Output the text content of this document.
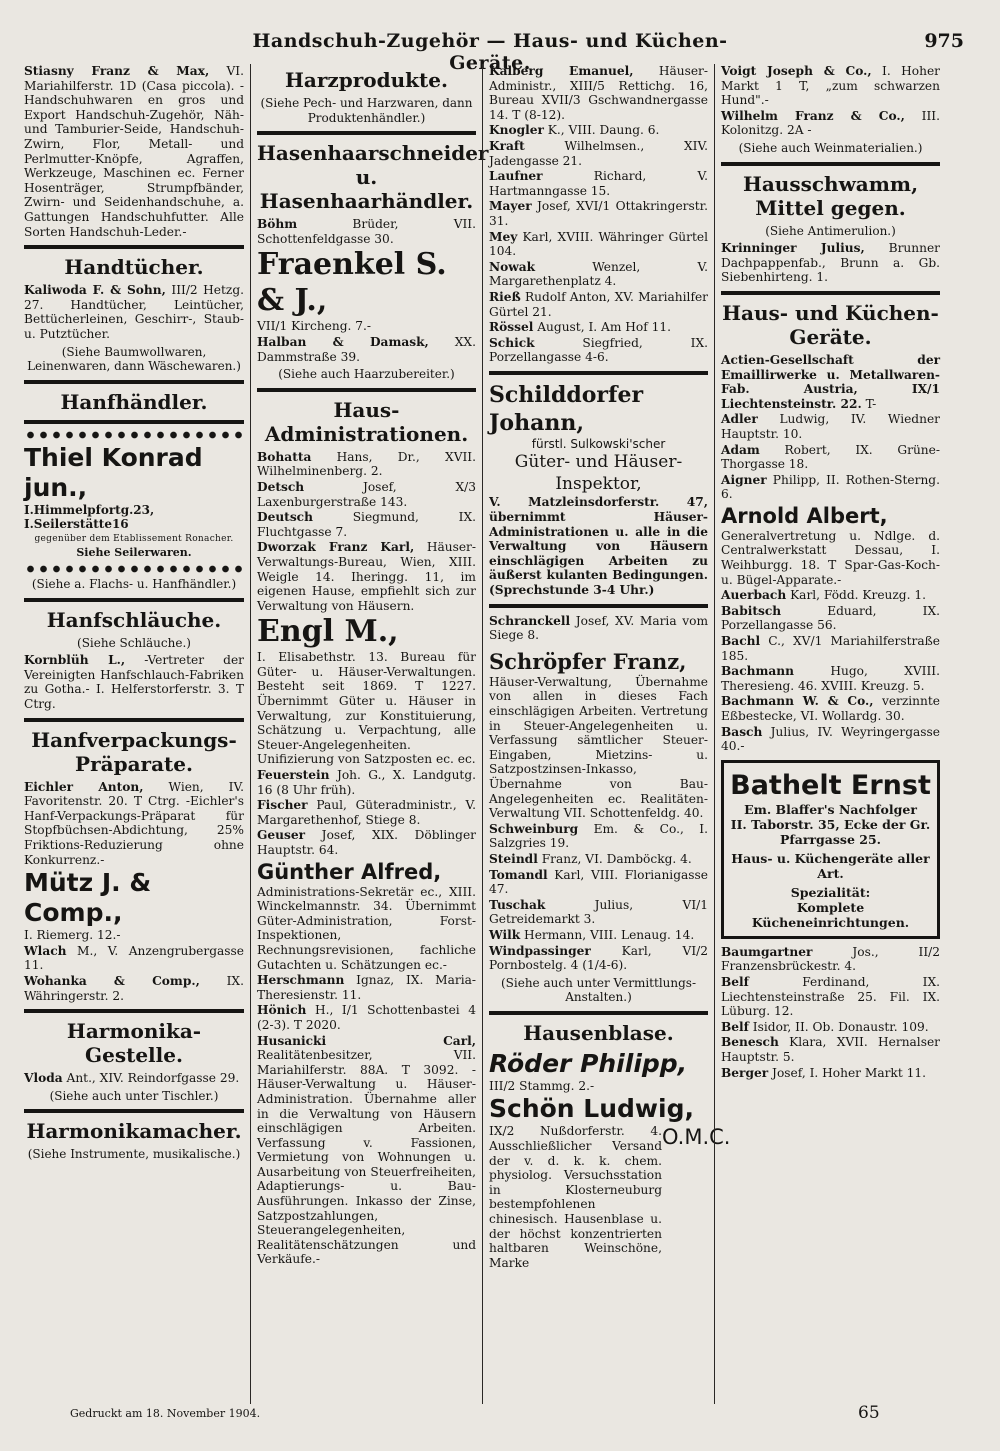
Handschuh-Zugehör — Haus- und Küchen-Geräte.
975

Stiasny Franz & Max, VI. Mariahilferstr. 1D (Casa piccola). -Handschuhwaren en gros und Export Handschuh-Zugehör, Näh- und Tamburier-Seide, Handschuh-Zwirn, Flor, Metall- und Perlmutter-Knöpfe, Agraffen, Werkzeuge, Maschinen ec. Ferner Hosenträger, Strumpfbänder, Zwirn- und Seidenhandschuhe, a. Gattungen Handschuhfutter. Alle Sorten Handschuh-Leder.-

Handtücher.

Kaliwoda F. & Sohn, III/2 Hetzg. 27. Handtücher, Leintücher, Bettücherleinen, Geschirr-, Staub- u. Putztücher.

(Siehe Baumwollwaren, Leinenwaren, dann Wäschewaren.)
Hanfhändler.
Thiel Konrad jun.,
I.Himmelpfortg.23, I.Seilerstätte16
gegenüber dem Etablissement Ronacher.
Siehe Seilerwaren.
(Siehe a. Flachs- u. Hanfhändler.)
Hanfschläuche.
(Siehe Schläuche.)

Kornblüh L., -Vertreter der Vereinigten Hanfschlauch-Fabriken zu Gotha.- I. Helferstorferstr. 3. T Ctrg.

Hanfverpackungs-Präparate.

Eichler Anton, Wien, IV. Favoritenstr. 20. T Ctrg. -Eichler's Hanf-Verpackungs-Präparat für Stopfbüchsen-Abdichtung, 25% Friktions-Reduzierung ohne Konkurrenz.-

Mütz J. & Comp.,

I. Riemerg. 12.-

Wlach M., V. Anzengrubergasse 11.

Wohanka & Comp., IX. Währingerstr. 2.

Harmonika-Gestelle.

Vloda Ant., XIV. Reindorfgasse 29.

(Siehe auch unter Tischler.)
Harmonikamacher.
(Siehe Instrumente, musikalische.)
Harzprodukte.
(Siehe Pech- und Harzwaren, dann Produktenhändler.)
Hasenhaarschneider u. Hasenhaarhändler.

Böhm Brüder, VII. Schottenfeldgasse 30.

Fraenkel S. & J.,

VII/1 Kircheng. 7.-

Halban & Damask, XX. Dammstraße 39.

(Siehe auch Haarzubereiter.)
Haus-Administrationen.

Bohatta Hans, Dr., XVII. Wilhelminenberg. 2.

Detsch Josef, X/3 Laxenburgerstraße 143.

Deutsch Siegmund, IX. Fluchtgasse 7.

Dworzak Franz Karl, Häuser-Verwaltungs-Bureau, Wien, XIII. Weigle 14. Iheringg. 11, im eigenen Hause, empfiehlt sich zur Verwaltung von Häusern.

Engl M.,

I. Elisabethstr. 13. Bureau für Güter- u. Häuser-Verwaltungen. Besteht seit 1869. T 1227. Übernimmt Güter u. Häuser in Verwaltung, zur Konstituierung, Schätzung u. Verpachtung, alle Steuer-Angelegenheiten. Unifizierung von Satzposten ec. ec.

Feuerstein Joh. G., X. Landgutg. 16 (8 Uhr früh).

Fischer Paul, Güteradministr., V. Margarethenhof, Stiege 8.

Geuser Josef, XIX. Döblinger Hauptstr. 64.

Günther Alfred,

Administrations-Sekretär ec., XIII. Winckelmannstr. 34. Übernimmt Güter-Administration, Forst-Inspektionen, Rechnungsrevisionen, fachliche Gutachten u. Schätzungen ec.-

Herschmann Ignaz, IX. Maria-Theresienstr. 11.

Hönich H., I/1 Schottenbastei 4 (2-3). T 2020.

Husanicki Carl, Realitätenbesitzer, VII. Mariahilferstr. 88A. T 3092. -Häuser-Verwaltung u. Häuser-Administration. Übernahme aller in die Verwaltung von Häusern einschlägigen Arbeiten. Verfassung v. Fassionen, Vermietung von Wohnungen u. Ausarbeitung von Steuerfreiheiten, Adaptierungs- u. Bau-Ausführungen. Inkasso der Zinse, Satzpostzahlungen, Steuerangelegenheiten, Realitätenschätzungen und Verkäufe.-

Kalberg Emanuel, Häuser-Administr., XIII/5 Rettichg. 16, Bureau XVII/3 Gschwandnergasse 14. T (8-12).

Knogler K., VIII. Daung. 6.

Kraft Wilhelmsen., XIV. Jadengasse 21.

Laufner Richard, V. Hartmanngasse 15.

Mayer Josef, XVI/1 Ottakringerstr. 31.

Mey Karl, XVIII. Währinger Gürtel 104.

Nowak Wenzel, V. Margarethenplatz 4.

Rieß Rudolf Anton, XV. Mariahilfer Gürtel 21.

Rössel August, I. Am Hof 11.

Schick Siegfried, IX. Porzellangasse 4-6.

Schilddorfer Johann,
fürstl. Sulkowski'scher
Güter- und Häuser-Inspektor,

V. Matzleinsdorferstr. 47, übernimmt Häuser-Administrationen u. alle in die Verwaltung von Häusern einschlägigen Arbeiten zu äußerst kulanten Bedingungen. (Sprechstunde 3-4 Uhr.)

Schranckell Josef, XV. Maria vom Siege 8.

Schröpfer Franz,

Häuser-Verwaltung, Übernahme von allen in dieses Fach einschlägigen Arbeiten. Vertretung in Steuer-Angelegenheiten u. Verfassung sämtlicher Steuer-Eingaben, Mietzins- u. Satzpostzinsen-Inkasso, Übernahme von Bau-Angelegenheiten ec. Realitäten-Verwaltung VII. Schottenfeldg. 40.

Schweinburg Em. & Co., I. Salzgries 19.

Steindl Franz, VI. Damböckg. 4.

Tomandl Karl, VIII. Florianigasse 47.

Tuschak Julius, VI/1 Getreidemarkt 3.

Wilk Hermann, VIII. Lenaug. 14.

Windpassinger Karl, VI/2 Pornbostelg. 4 (1/4-6).

(Siehe auch unter Vermittlungs-Anstalten.)
Hausenblase.
Röder Philipp,

III/2 Stammg. 2.-

Schön Ludwig,

IX/2 Nußdorferstr. 4. Ausschließlicher Versand der v. d. k. k. chem. physiolog. Versuchsstation in Klosterneuburg bestempfohlenen chinesisch. Hausenblase u. der höchst konzentrierten haltbaren Weinschöne, Marke

O.M.C.

Voigt Joseph & Co., I. Hoher Markt 1 T, „zum schwarzen Hund".-

Wilhelm Franz & Co., III. Kolonitzg. 2A -

(Siehe auch Weinmaterialien.)
Hausschwamm, Mittel gegen.
(Siehe Antimerulion.)

Krinninger Julius, Brunner Dachpappenfab., Brunn a. Gb. Siebenhirteng. 1.

Haus- und Küchen-Geräte.

Actien-Gesellschaft der Emaillirwerke u. Metallwaren-Fab. Austria, IX/1 Liechtensteinstr. 22. T-

Adler Ludwig, IV. Wiedner Hauptstr. 10.

Adam Robert, IX. Grüne-Thorgasse 18.

Aigner Philipp, II. Rothen-Sterng. 6.

Arnold Albert,

Generalvertretung u. Ndlge. d. Centralwerkstatt Dessau, I. Weihburgg. 18. T Spar-Gas-Koch- u. Bügel-Apparate.-

Auerbach Karl, Född. Kreuzg. 1.

Babitsch Eduard, IX. Porzellangasse 56.

Bachl C., XV/1 Mariahilferstraße 185.

Bachmann Hugo, XVIII. Theresieng. 46. XVIII. Kreuzg. 5.

Bachmann W. & Co., verzinnte Eßbestecke, VI. Wollardg. 30.

Basch Julius, IV. Weyringergasse 40.-

Bathelt Ernst
Em. Blaffer's Nachfolger
II. Taborstr. 35, Ecke der Gr. Pfarrgasse 25.
Haus- u. Küchengeräte aller Art.
Spezialität:
Komplete Kücheneinrichtungen.

Baumgartner Jos., II/2 Franzensbrückestr. 4.

Belf Ferdinand, IX. Liechtensteinstraße 25. Fil. IX. Lüburg. 12.

Belf Isidor, II. Ob. Donaustr. 109.

Benesch Klara, XVII. Hernalser Hauptstr. 5.

Berger Josef, I. Hoher Markt 11.

Gedruckt am 18. November 1904.	65
